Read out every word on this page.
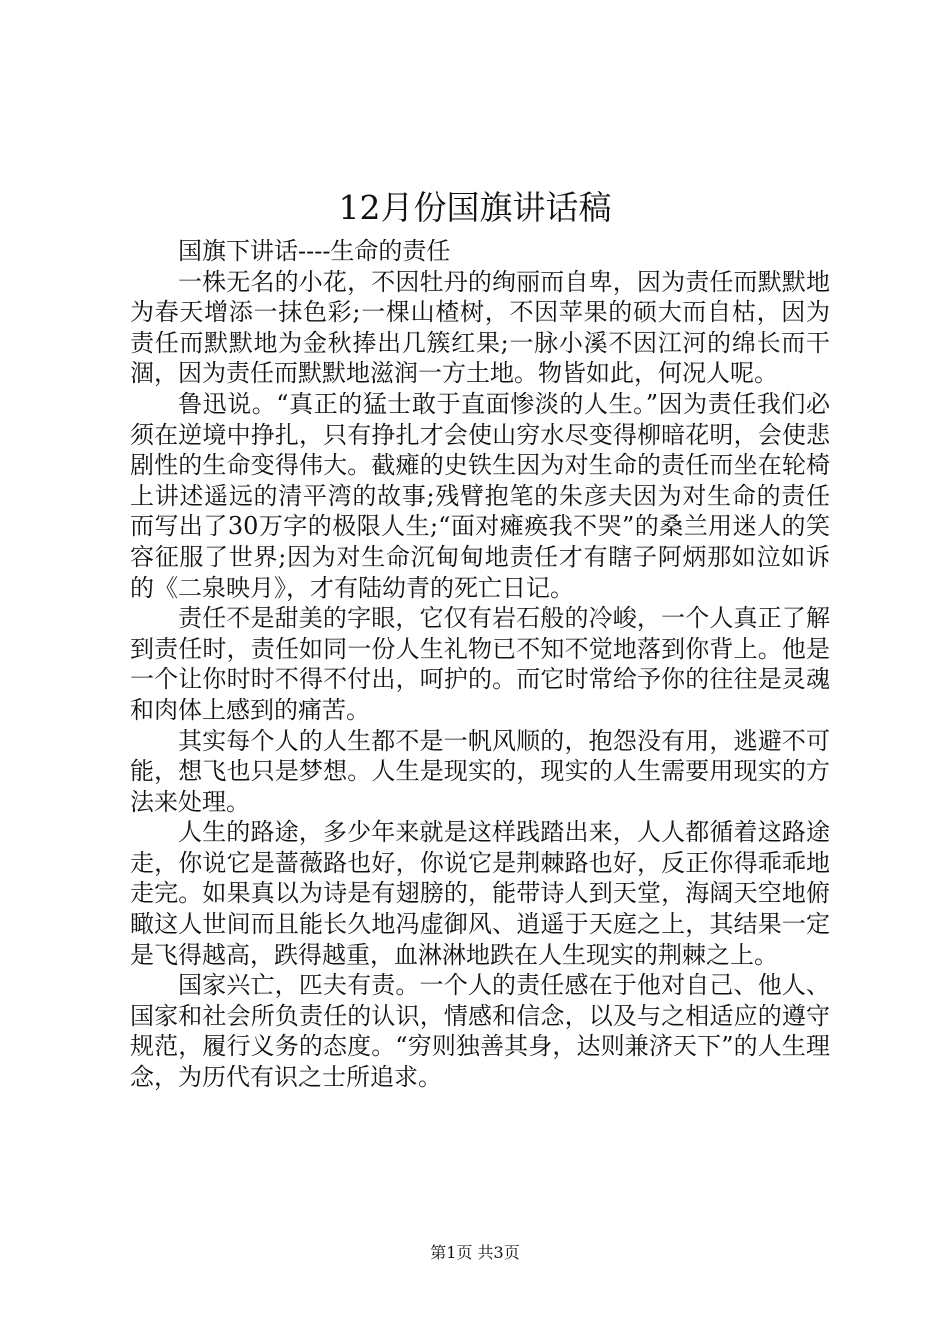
12月份国旗讲话稿

国旗下讲话----生命的责任

一株无名的小花，不因牡丹的绚丽而自卑，因为责任而默默地为春天增添一抹色彩;一棵山楂树，不因苹果的硕大而自枯，因为责任而默默地为金秋捧出几簇红果;一脉小溪不因江河的绵长而干涸，因为责任而默默地滋润一方土地。物皆如此，何况人呢。

鲁迅说。“真正的猛士敢于直面惨淡的人生。”因为责任我们必须在逆境中挣扎，只有挣扎才会使山穷水尽变得柳暗花明，会使悲剧性的生命变得伟大。截瘫的史铁生因为对生命的责任而坐在轮椅上讲述遥远的清平湾的故事;残臂抱笔的朱彦夫因为对生命的责任而写出了30万字的极限人生;“面对瘫痪我不哭”的桑兰用迷人的笑容征服了世界;因为对生命沉甸甸地责任才有瞎子阿炳那如泣如诉的《二泉映月》，才有陆幼青的死亡日记。

责任不是甜美的字眼，它仅有岩石般的冷峻，一个人真正了解到责任时，责任如同一份人生礼物已不知不觉地落到你背上。他是一个让你时时不得不付出，呵护的。而它时常给予你的往往是灵魂和肉体上感到的痛苦。

其实每个人的人生都不是一帆风顺的，抱怨没有用，逃避不可能，想飞也只是梦想。人生是现实的，现实的人生需要用现实的方法来处理。

人生的路途，多少年来就是这样践踏出来，人人都循着这路途走，你说它是蔷薇路也好，你说它是荆棘路也好，反正你得乖乖地走完。如果真以为诗是有翅膀的，能带诗人到天堂，海阔天空地俯瞰这人世间而且能长久地冯虚御风、逍遥于天庭之上，其结果一定是飞得越高，跌得越重，血淋淋地跌在人生现实的荆棘之上。

国家兴亡，匹夫有责。一个人的责任感在于他对自己、他人、国家和社会所负责任的认识，情感和信念，以及与之相适应的遵守规范，履行义务的态度。“穷则独善其身，达则兼济天下”的人生理念，为历代有识之士所追求。

第1页 共3页
